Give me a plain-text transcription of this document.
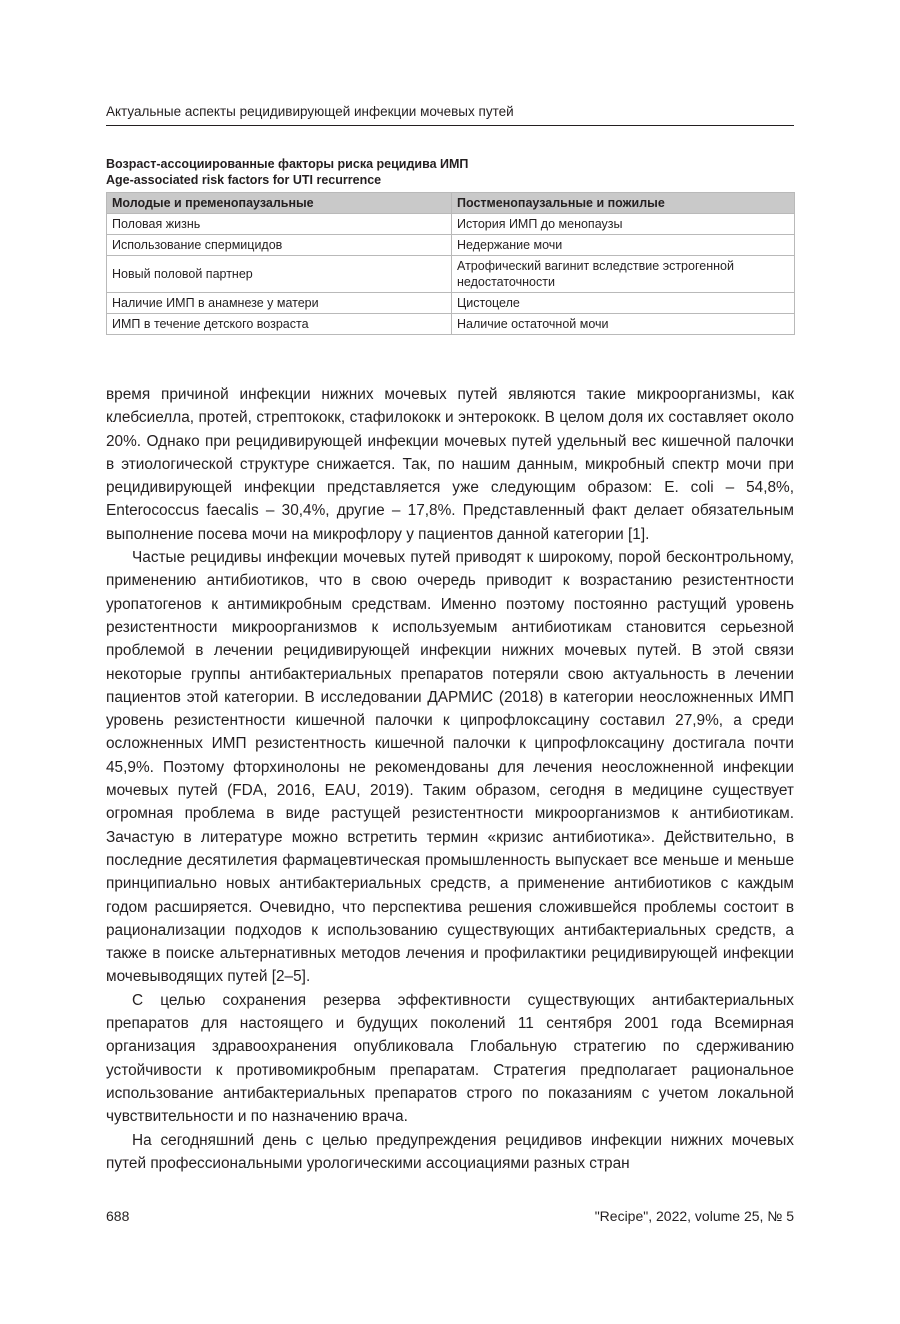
Актуальные аспекты рецидивирующей инфекции мочевых путей
Возраст-ассоциированные факторы риска рецидива ИМП
Age-associated risk factors for UTI recurrence
Молодые и пременопаузальные	Постменопаузальные и пожилые
Половая жизнь	История ИМП до менопаузы
Использование спермицидов	Недержание мочи
Новый половой партнер	Атрофический вагинит вследствие эстрогенной недостаточности
Наличие ИМП в анамнезе у матери	Цистоцеле
ИМП в течение детского возраста	Наличие остаточной мочи

время причиной инфекции нижних мочевых путей являются такие микроорганизмы, как клебсиелла, протей, стрептококк, стафилококк и энтерококк. В целом доля их составляет около 20%. Однако при рецидивирующей инфекции мочевых путей удельный вес кишечной палочки в этиологической структуре снижается. Так, по нашим данным, микробный спектр мочи при рецидивирующей инфекции представляется уже следующим образом: E. coli – 54,8%, Enterococcus faecalis – 30,4%, другие – 17,8%. Представленный факт делает обязательным выполнение посева мочи на микрофлору у пациентов данной категории [1].

Частые рецидивы инфекции мочевых путей приводят к широкому, порой бесконтрольному, применению антибиотиков, что в свою очередь приводит к возрастанию резистентности уропатогенов к антимикробным средствам. Именно поэтому постоянно растущий уровень резистентности микроорганизмов к используемым антибиотикам становится серьезной проблемой в лечении рецидивирующей инфекции нижних мочевых путей. В этой связи некоторые группы антибактериальных препаратов потеряли свою актуальность в лечении пациентов этой категории. В исследовании ДАРМИС (2018) в категории неосложненных ИМП уровень резистентности кишечной палочки к ципрофлоксацину составил 27,9%, а среди осложненных ИМП резистентность кишечной палочки к ципрофлоксацину достигала почти 45,9%. Поэтому фторхинолоны не рекомендованы для лечения неосложненной инфекции мочевых путей (FDA, 2016, EAU, 2019). Таким образом, сегодня в медицине существует огромная проблема в виде растущей резистентности микроорганизмов к антибиотикам. Зачастую в литературе можно встретить термин «кризис антибиотика». Действительно, в последние десятилетия фармацевтическая промышленность выпускает все меньше и меньше принципиально новых антибактериальных средств, а применение антибиотиков с каждым годом расширяется. Очевидно, что перспектива решения сложившейся проблемы состоит в рационализации подходов к использованию существующих антибактериальных средств, а также в поиске альтернативных методов лечения и профилактики рецидивирующей инфекции мочевыводящих путей [2–5].

С целью сохранения резерва эффективности существующих антибактериальных препаратов для настоящего и будущих поколений 11 сентября 2001 года Всемирная организация здравоохранения опубликовала Глобальную стратегию по сдерживанию устойчивости к противомикробным препаратам. Стратегия предполагает рациональное использование антибактериальных препаратов строго по показаниям с учетом локальной чувствительности и по назначению врача.

На сегодняшний день с целью предупреждения рецидивов инфекции нижних мочевых путей профессиональными урологическими ассоциациями разных стран

688	"Recipe", 2022, volume 25, № 5
